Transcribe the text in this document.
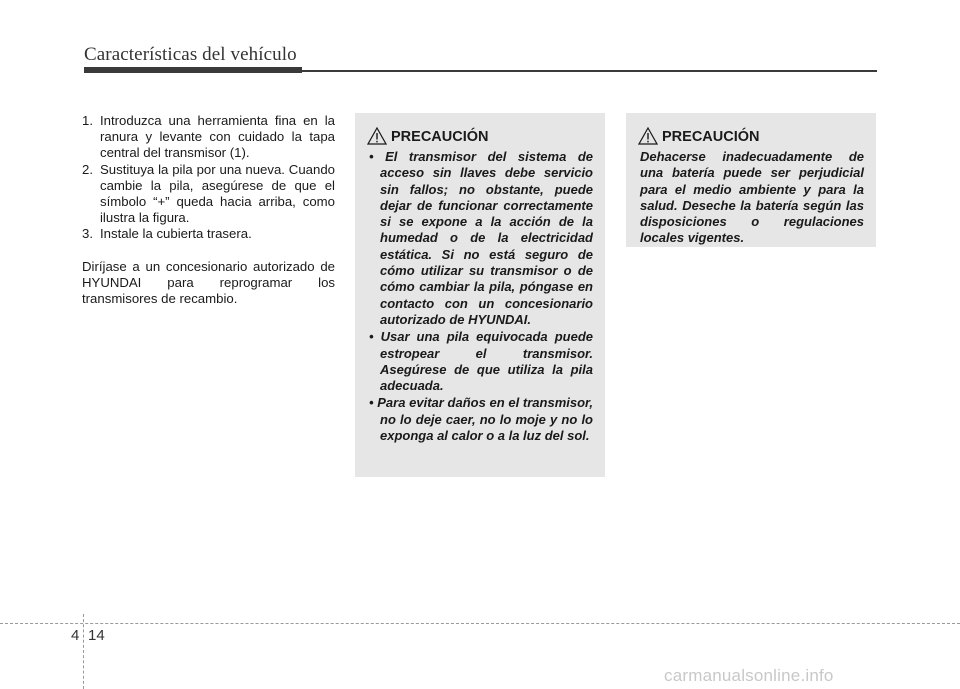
Características del vehículo
1. Introduzca una herramienta fina en la ranura y levante con cuidado la tapa central del transmisor (1).
2. Sustituya la pila por una nueva. Cuando cambie la pila, asegúrese de que el símbolo “+” queda hacia arriba, como ilustra la figura.
3. Instale la cubierta trasera.

Diríjase a un concesionario autorizado de HYUNDAI para reprogramar los transmisores de recambio.

PRECAUCIÓN
• El transmisor del sistema de acceso sin llaves debe servicio sin fallos; no obstante, puede dejar de funcionar correctamente si se expone a la acción de la humedad o de la electricidad estática. Si no está seguro de cómo utilizar su transmisor o de cómo cambiar la pila, póngase en contacto con un concesionario autorizado de HYUNDAI.
• Usar una pila equivocada puede estropear el transmisor. Asegúrese de que utiliza la pila adecuada.
• Para evitar daños en el transmisor, no lo deje caer, no lo moje y no lo exponga al calor o a la luz del sol.
PRECAUCIÓN

Dehacerse inadecuadamente de una batería puede ser perjudicial para el medio ambiente y para la salud. Deseche la batería según las disposiciones o regulaciones locales vigentes.

4 14
carmanualsonline.info
